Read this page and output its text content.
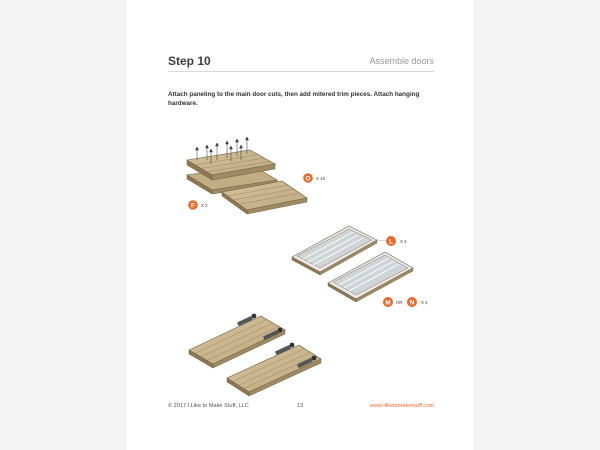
Step 10	Assemble doors
Attach paneling to the main door cuts, then add mitered trim pieces. Attach hanging hardware.
O X 16
F X 2
L X 4
M OR N X 4
© 2017 I Like to Make Stuff, LLC	13	www.iliketomakestuff.com
